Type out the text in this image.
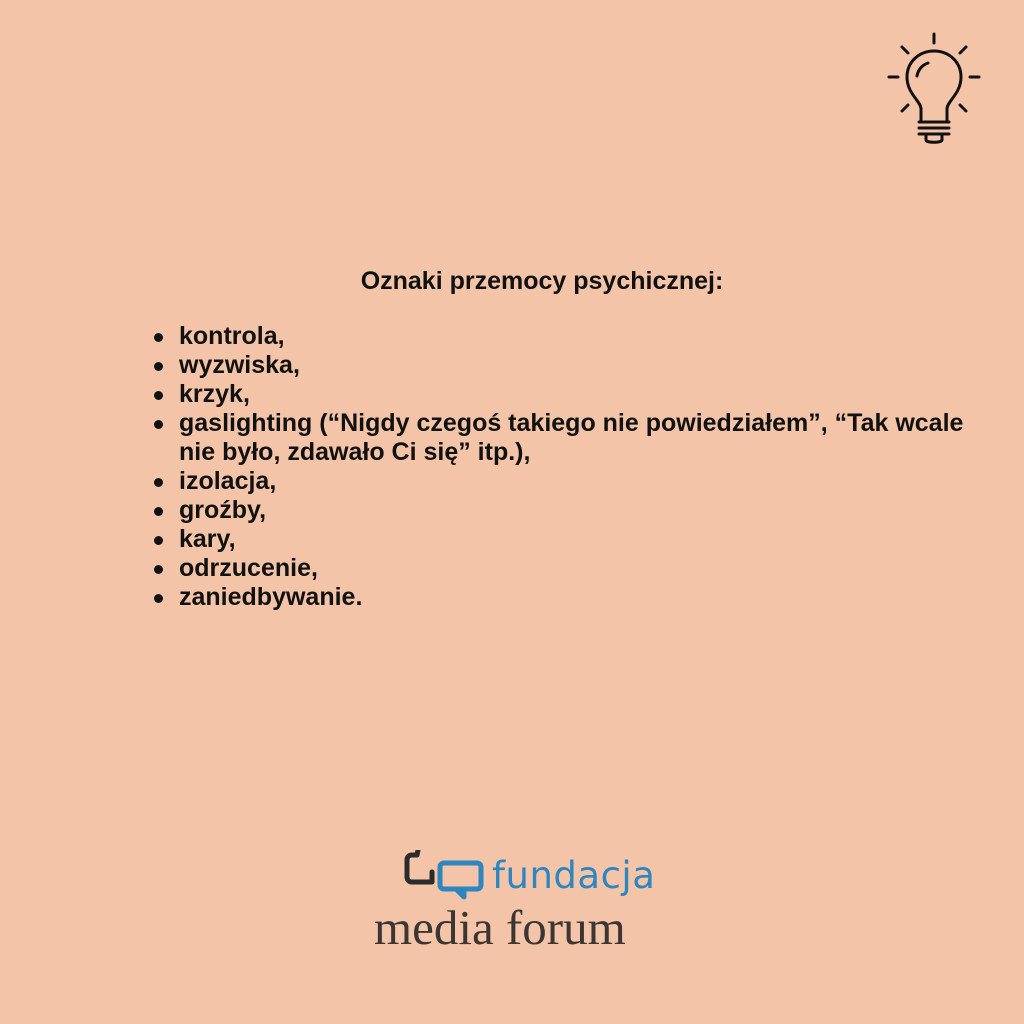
Oznaki przemocy psychicznej:
kontrola,
wyzwiska,
krzyk,
gaslighting (“Nigdy czegoś takiego nie powiedziałem”, “Tak wcale nie było, zdawało Ci się” itp.),
izolacja,
groźby,
kary,
odrzucenie,
zaniedbywanie.

fundacja

media forum
